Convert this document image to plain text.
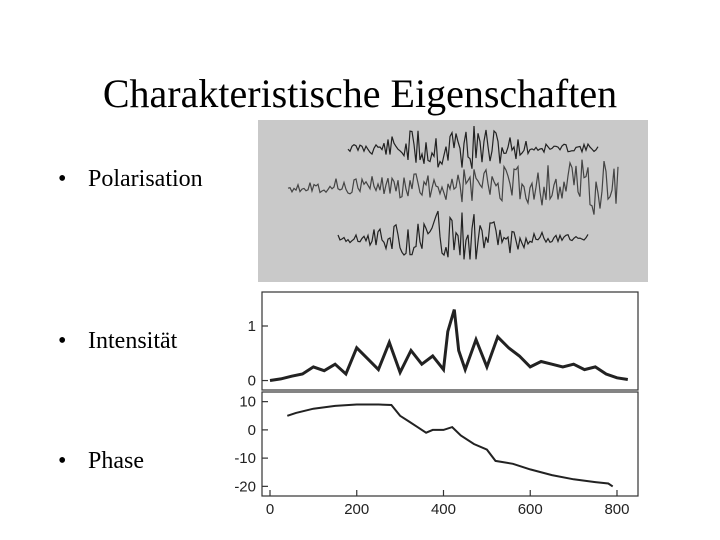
Charakteristische Eigenschaften
• Polarisation
• Intensität
• Phase
1
0
10
0
-10
-20
0	200	400	600	800
